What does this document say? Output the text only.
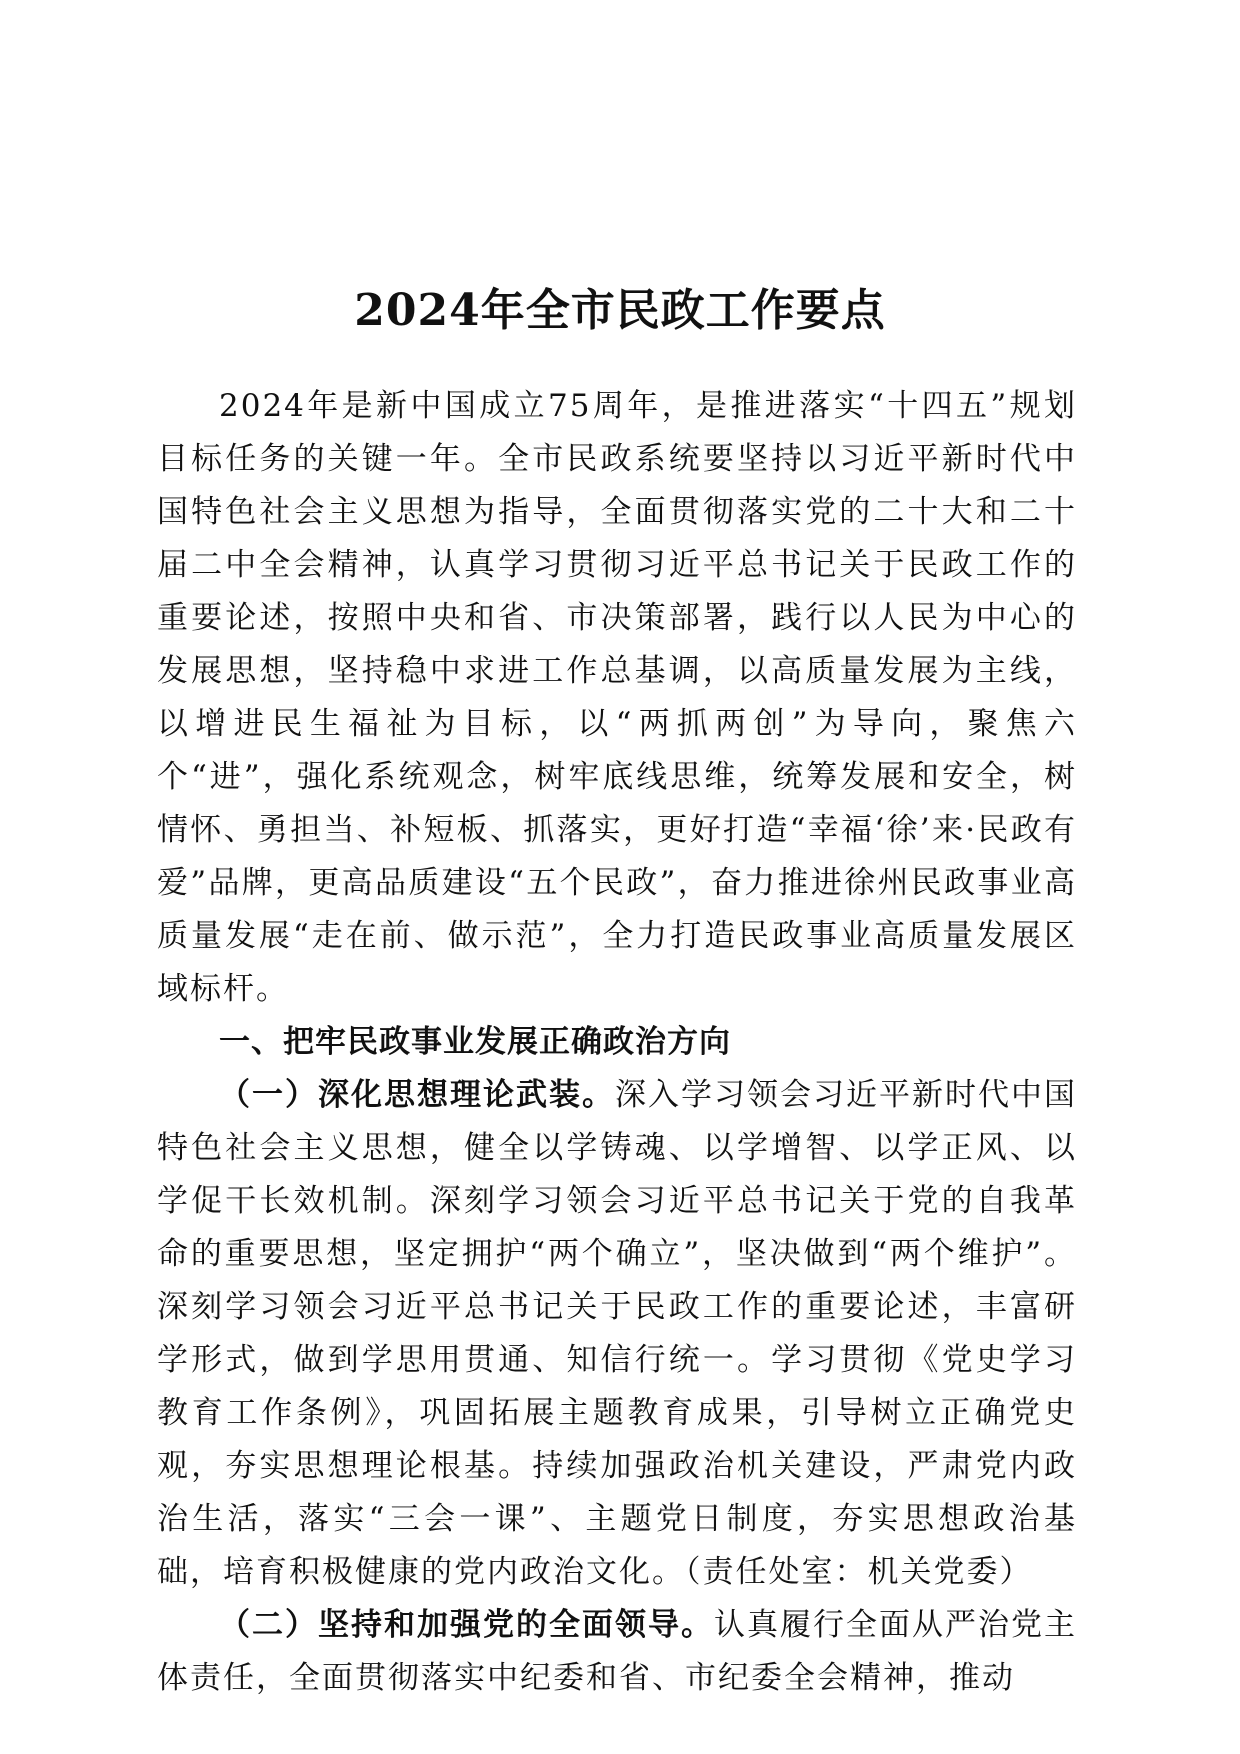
2024年全市民政工作要点

2024年是新中国成立75周年，是推进落实“十四五”规划目标任务的关键一年。全市民政系统要坚持以习近平新时代中国特色社会主义思想为指导，全面贯彻落实党的二十大和二十届二中全会精神，认真学习贯彻习近平总书记关于民政工作的重要论述，按照中央和省、市决策部署，践行以人民为中心的发展思想，坚持稳中求进工作总基调，以高质量发展为主线，以增进民生福祉为目标，以“两抓两创”为导向，聚焦六个“进”，强化系统观念，树牢底线思维，统筹发展和安全，树情怀、勇担当、补短板、抓落实，更好打造“幸福‘徐’来·民政有爱”品牌，更高品质建设“五个民政”，奋力推进徐州民政事业高质量发展“走在前、做示范”，全力打造民政事业高质量发展区域标杆。

一、把牢民政事业发展正确政治方向

（一）深化思想理论武装。深入学习领会习近平新时代中国特色社会主义思想，健全以学铸魂、以学增智、以学正风、以学促干长效机制。深刻学习领会习近平总书记关于党的自我革命的重要思想，坚定拥护“两个确立”，坚决做到“两个维护”。深刻学习领会习近平总书记关于民政工作的重要论述，丰富研学形式，做到学思用贯通、知信行统一。学习贯彻《党史学习教育工作条例》，巩固拓展主题教育成果，引导树立正确党史观，夯实思想理论根基。持续加强政治机关建设，严肃党内政治生活，落实“三会一课”、主题党日制度，夯实思想政治基础，培育积极健康的党内政治文化。（责任处室：机关党委）

（二）坚持和加强党的全面领导。认真履行全面从严治党主体责任，全面贯彻落实中纪委和省、市纪委全会精神，推动
